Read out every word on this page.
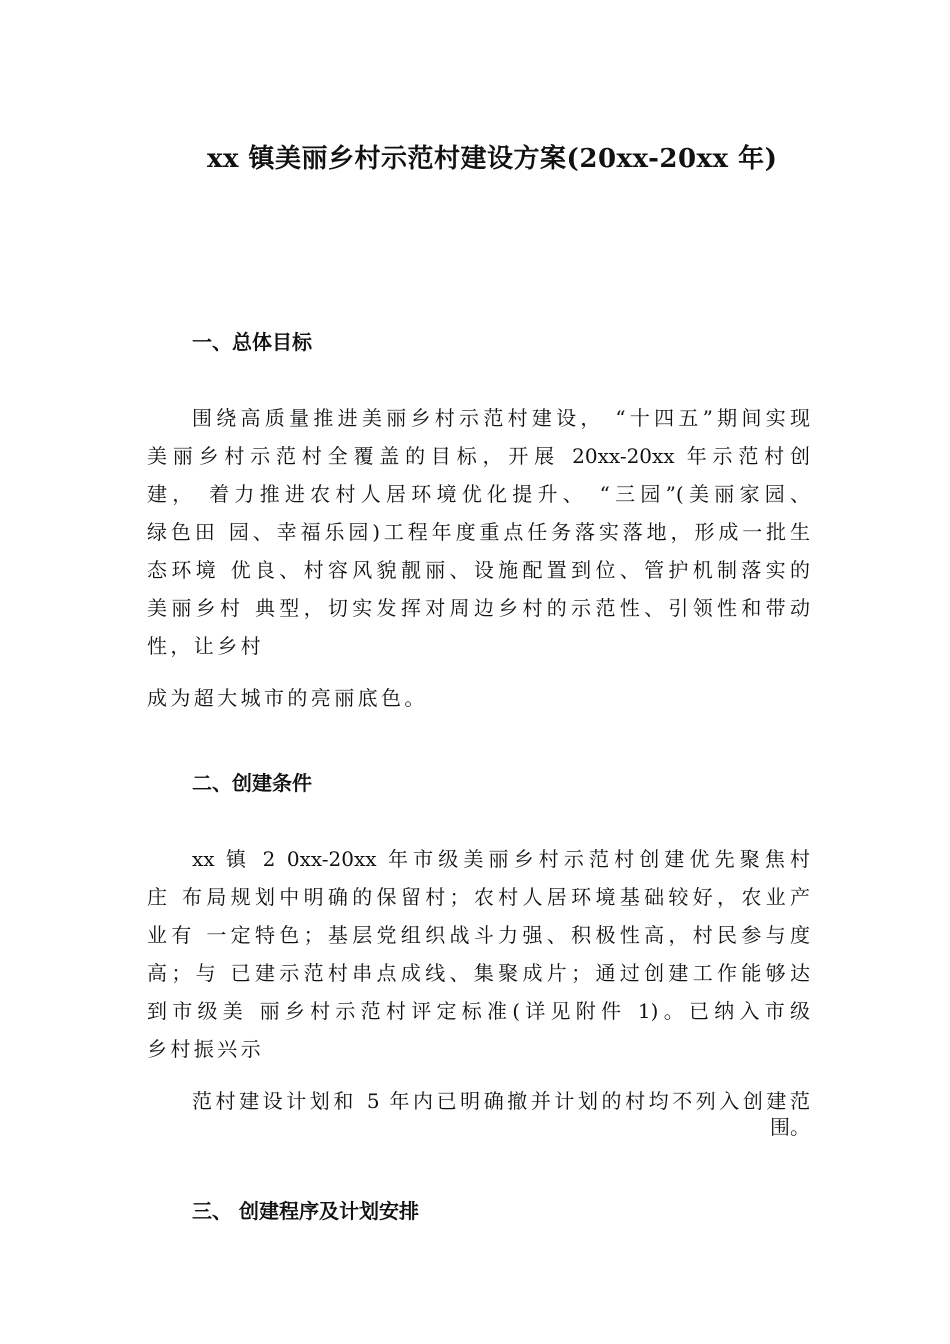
xx 镇美丽乡村示范村建设方案(20xx-20xx 年)
一、总体目标
围绕高质量推进美丽乡村示范村建设， “十四五”期间实现
美丽乡村示范村全覆盖的目标，开展 20xx-20xx 年示范村创
建， 着力推进农村人居环境优化提升、 “三园”(美丽家园、
绿色田 园、幸福乐园)工程年度重点任务落实落地，形成一批生
态环境 优良、村容风貌靓丽、设施配置到位、管护机制落实的
美丽乡村 典型，切实发挥对周边乡村的示范性、引领性和带动
性，让乡村
成为超大城市的亮丽底色。
二、创建条件
xx 镇 2 0xx-20xx 年市级美丽乡村示范村创建优先聚焦村
庄 布局规划中明确的保留村；农村人居环境基础较好，农业产
业有 一定特色；基层党组织战斗力强、积极性高，村民参与度
高；与 已建示范村串点成线、集聚成片；通过创建工作能够达
到市级美 丽乡村示范村评定标准(详见附件 1)。已纳入市级
乡村振兴示
范村建设计划和 5 年内已明确撤并计划的村均不列入创建范
围。
三、 创建程序及计划安排
